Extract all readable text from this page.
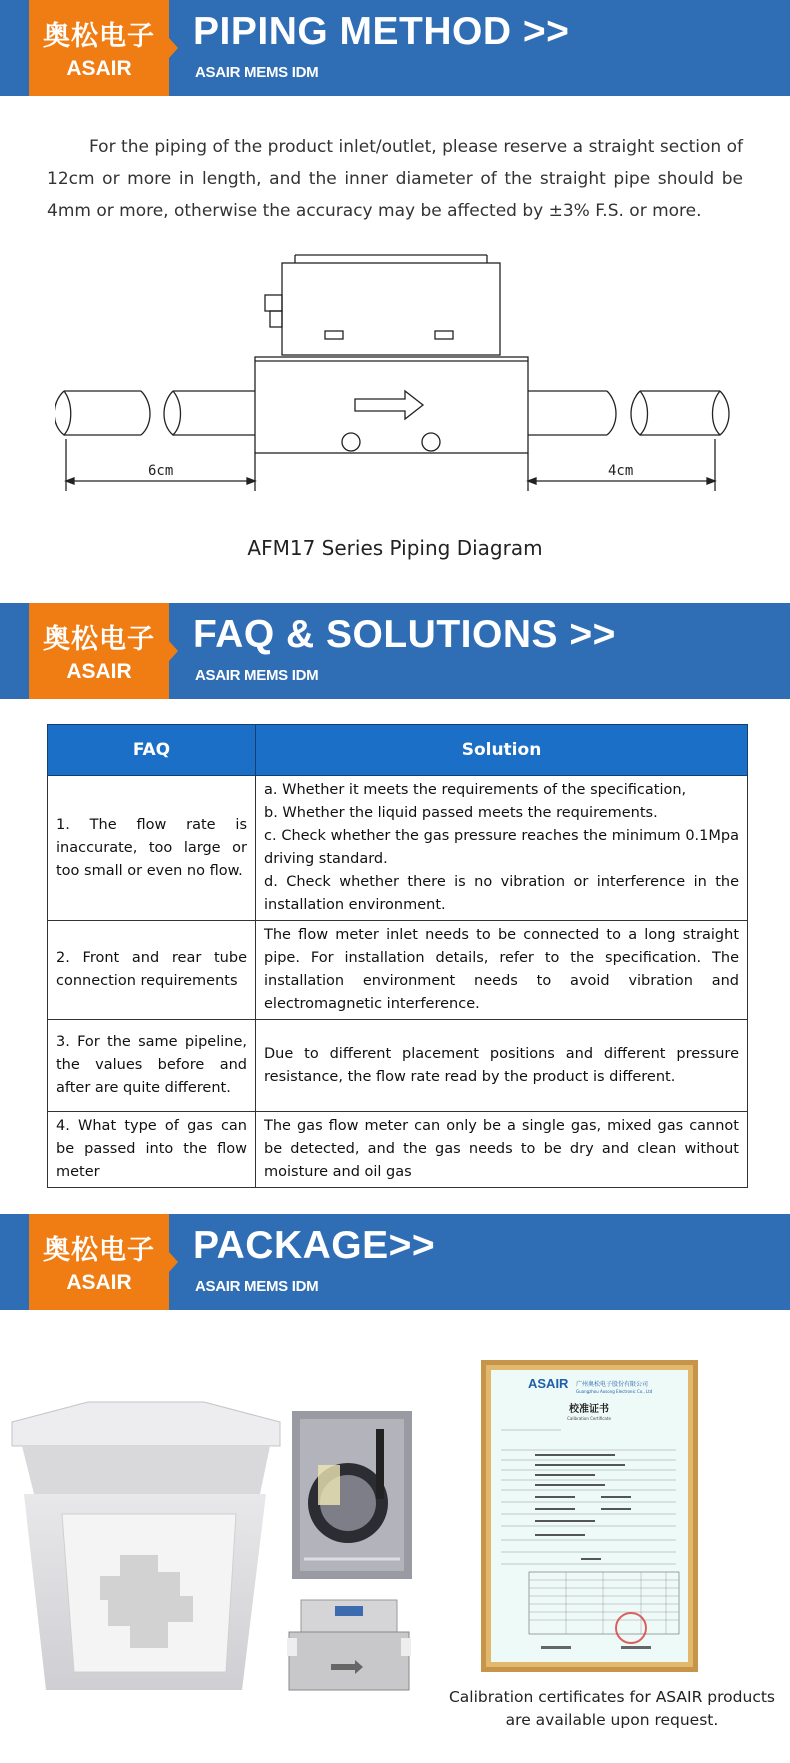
奥松电子
ASAIR
PIPING METHOD >>
ASAIR MEMS IDM
For the piping of the product inlet/outlet, please reserve a straight section of 12cm or more in length, and the inner diameter of the straight pipe should be 4mm or more, otherwise the accuracy may be affected by ±3% F.S. or more.
6cm	4cm
AFM17 Series Piping Diagram
奥松电子
ASAIR
FAQ & SOLUTIONS >>
ASAIR MEMS IDM
FAQ	Solution
1. The flow rate is inaccurate, too large or too small or even no flow.	a. Whether it meets the requirements of the specification,
b. Whether the liquid passed meets the requirements.
c. Check whether the gas pressure reaches the minimum 0.1Mpa driving standard.
d. Check whether there is no vibration or interference in the installation environment.

2. Front and rear tube connection requirements	The flow meter inlet needs to be connected to a long straight pipe. For installation details, refer to the specification. The installation environment needs to avoid vibration and electromagnetic interference.

3. For the same pipeline, the values before and after are quite different.	Due to different placement positions and different pressure resistance, the flow rate read by the product is different.

4. What type of gas can be passed into the flow meter	The gas flow meter can only be a single gas, mixed gas cannot be detected, and the gas needs to be dry and clean without moisture and oil gas
奥松电子
ASAIR
PACKAGE>>
ASAIR MEMS IDM
ASAIR 广州奥松电子股份有限公司
Guangzhou Aosong Electronic Co., Ltd
校准证书
Calibration Certificate
Calibration certificates for ASAIR products
are available upon request.
